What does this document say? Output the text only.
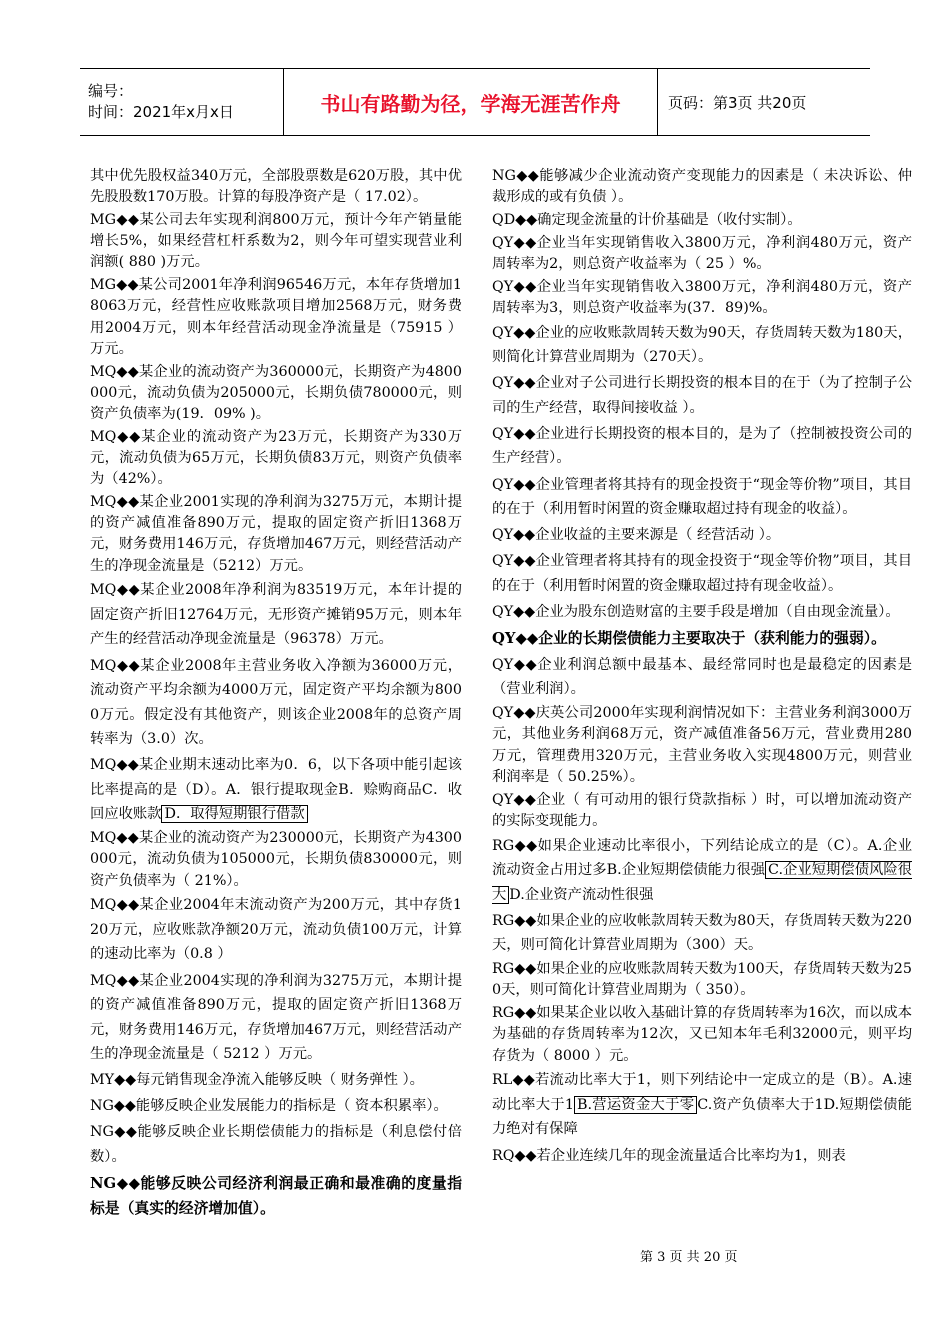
编号：
时间：2021年x月x日	书山有路勤为径，学海无涯苦作舟	页码：第3页 共20页
其中优先股权益340万元，全部股票数是620万股，其中优先股股数170万股。计算的每股净资产是（ 17.02）。
MG◆◆某公司去年实现利润800万元，预计今年产销量能增长5%，如果经营杠杆系数为2，则今年可望实现营业利润额( 880 )万元。
MG◆◆某公司2001年净利润96546万元，本年存货增加18063万元，经营性应收账款项目增加2568万元，财务费用2004万元，则本年经营活动现金净流量是（75915 ）万元。
MQ◆◆某企业的流动资产为360000元，长期资产为4800000元，流动负债为205000元，长期负债780000元，则资产负债率为(19．09% )。
MQ◆◆某企业的流动资产为23万元，长期资产为330万元，流动负债为65万元，长期负债83万元，则资产负债率为（42%）。
MQ◆◆某企业2001实现的净利润为3275万元，本期计提的资产减值准备890万元，提取的固定资产折旧1368万元，财务费用146万元，存货增加467万元，则经营活动产生的净现金流量是（5212）万元。
MQ◆◆某企业2008年净利润为83519万元，本年计提的固定资产折旧12764万元，无形资产摊销95万元，则本年产生的经营活动净现金流量是（96378）万元。
MQ◆◆某企业2008年主营业务收入净额为36000万元，流动资产平均余额为4000万元，固定资产平均余额为8000万元。假定没有其他资产，则该企业2008年的总资产周转率为（3.0）次。
MQ◆◆某企业期末速动比率为0．6，以下各项中能引起该比率提高的是（D）。A．银行提取现金B．赊购商品C．收回应收账款 D．取得短期银行借款
MQ◆◆某企业的流动资产为230000元，长期资产为4300000元，流动负债为105000元，长期负债830000元，则资产负债率为（ 21%）。
MQ◆◆某企业2004年末流动资产为200万元，其中存货120万元，应收账款净额20万元，流动负债100万元，计算的速动比率为（0.8 ）
MQ◆◆某企业2004实现的净利润为3275万元，本期计提的资产减值准备890万元，提取的固定资产折旧1368万元，财务费用146万元，存货增加467万元，则经营活动产生的净现金流量是（ 5212 ）万元。
MY◆◆每元销售现金净流入能够反映（ 财务弹性 ）。
NG◆◆能够反映企业发展能力的指标是（ 资本积累率）。
NG◆◆能够反映企业长期偿债能力的指标是（利息偿付倍数）。
NG◆◆能够反映公司经济利润最正确和最准确的度量指标是（真实的经济增加值）。
NG◆◆能够减少企业流动资产变现能力的因素是（ 未决诉讼、仲裁形成的或有负债 ）。
QD◆◆确定现金流量的计价基础是（收付实制）。
QY◆◆企业当年实现销售收入3800万元，净利润480万元，资产周转率为2，则总资产收益率为（ 25 ）%。
QY◆◆企业当年实现销售收入3800万元，净利润480万元，资产周转率为3，则总资产收益率为(37．89)%。
QY◆◆企业的应收账款周转天数为90天，存货周转天数为180天，则简化计算营业周期为（270天）。
QY◆◆企业对子公司进行长期投资的根本目的在于（为了控制子公司的生产经营，取得间接收益 ）。
QY◆◆企业进行长期投资的根本目的，是为了（控制被投资公司的生产经营）。
QY◆◆企业管理者将其持有的现金投资于“现金等价物”项目，其目的在于（利用暂时闲置的资金赚取超过持有现金的收益）。
QY◆◆企业收益的主要来源是（ 经营活动 ）。
QY◆◆企业管理者将其持有的现金投资于“现金等价物”项目，其目的在于（利用暂时闲置的资金赚取超过持有现金收益）。
QY◆◆企业为股东创造财富的主要手段是增加（自由现金流量）。
QY◆◆企业的长期偿债能力主要取决于（获利能力的强弱）。
QY◆◆企业利润总额中最基本、最经常同时也是最稳定的因素是（营业利润）。
QY◆◆庆英公司2000年实现利润情况如下：主营业务利润3000万元，其他业务利润68万元，资产减值准备56万元，营业费用280万元，管理费用320万元，主营业务收入实现4800万元，则营业利润率是（ 50.25%）。
QY◆◆企业（ 有可动用的银行贷款指标 ）时，可以增加流动资产的实际变现能力。
RG◆◆如果企业速动比率很小，下列结论成立的是（C）。A.企业流动资金占用过多B.企业短期偿债能力很强 C.企业短期偿债风险很大 D.企业资产流动性很强
RG◆◆如果企业的应收帐款周转天数为80天，存货周转天数为220天，则可简化计算营业周期为（300）天。
RG◆◆如果企业的应收账款周转天数为100天，存货周转天数为250天，则可简化计算营业周期为（ 350）。
RG◆◆如果某企业以收入基础计算的存货周转率为16次，而以成本为基础的存货周转率为12次，又已知本年毛利32000元，则平均存货为（ 8000 ）元。
RL◆◆若流动比率大于1，则下列结论中一定成立的是（B）。A.速动比率大于1 B.营运资金大于零 C.资产负债率大于1D.短期偿债能力绝对有保障
RQ◆◆若企业连续几年的现金流量适合比率均为1，则表
第 3 页 共 20 页
